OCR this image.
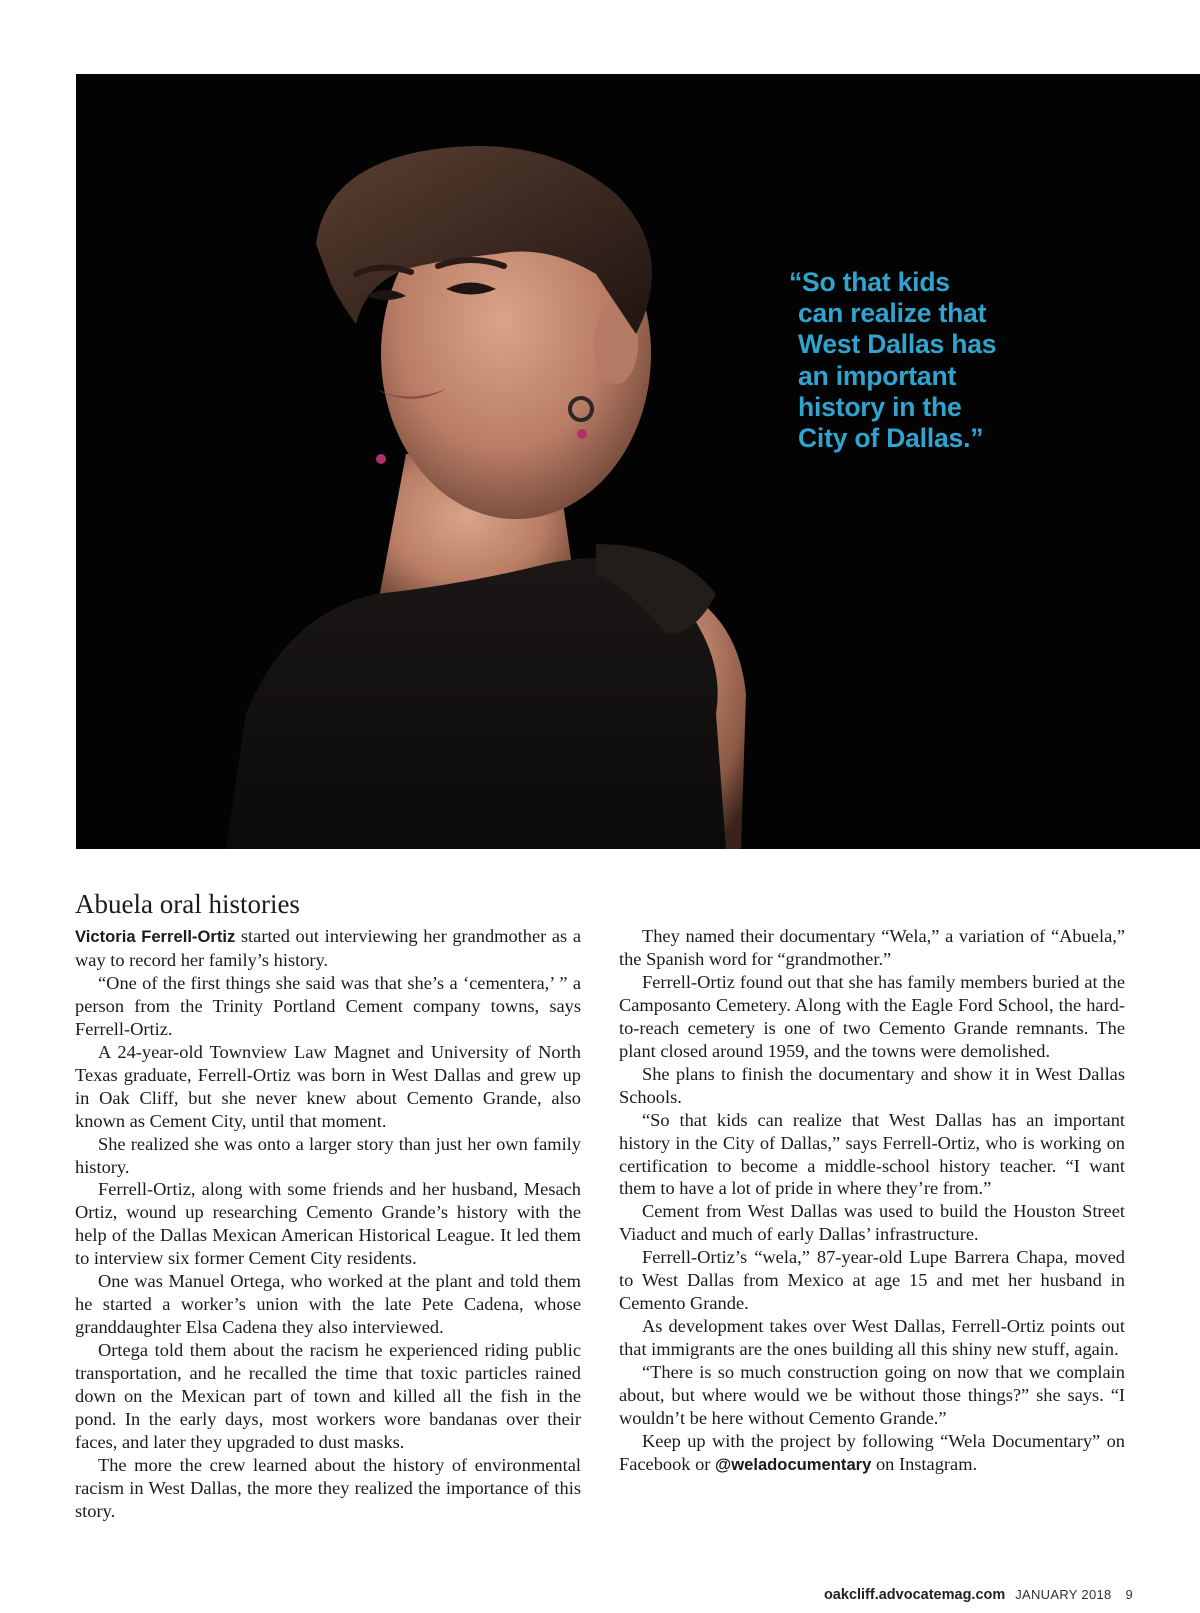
“So that kids
can realize that
West Dallas has
an important
history in the
City of Dallas.”
Abuela oral histories

Victoria Ferrell-Ortiz started out interviewing her grandmother as a way to record her family’s history.

“One of the first things she said was that she’s a ‘cementera,’ ” a person from the Trinity Portland Cement company towns, says Ferrell-Ortiz.

A 24-year-old Townview Law Magnet and University of North Texas graduate, Ferrell-Ortiz was born in West Dallas and grew up in Oak Cliff, but she never knew about Cemento Grande, also known as Cement City, until that moment.

She realized she was onto a larger story than just her own family history.

Ferrell-Ortiz, along with some friends and her husband, Mesach Ortiz, wound up researching Cemento Grande’s history with the help of the Dallas Mexican American Historical League. It led them to interview six former Cement City residents.

One was Manuel Ortega, who worked at the plant and told them he started a worker’s union with the late Pete Cadena, whose granddaughter Elsa Cadena they also interviewed.

Ortega told them about the racism he experienced riding public transportation, and he recalled the time that toxic particles rained down on the Mexican part of town and killed all the fish in the pond. In the early days, most workers wore bandanas over their faces, and later they upgraded to dust masks.

The more the crew learned about the history of environmental racism in West Dallas, the more they realized the importance of this story.

They named their documentary “Wela,” a variation of “Abuela,” the Spanish word for “grandmother.”

Ferrell-Ortiz found out that she has family members buried at the Camposanto Cemetery. Along with the Eagle Ford School, the hard-to-reach cemetery is one of two Cemento Grande remnants. The plant closed around 1959, and the towns were demolished.

She plans to finish the documentary and show it in West Dallas Schools.

“So that kids can realize that West Dallas has an important history in the City of Dallas,” says Ferrell-Ortiz, who is working on certification to become a middle-school history teacher. “I want them to have a lot of pride in where they’re from.”

Cement from West Dallas was used to build the Houston Street Viaduct and much of early Dallas’ infrastructure.

Ferrell-Ortiz’s “wela,” 87-year-old Lupe Barrera Chapa, moved to West Dallas from Mexico at age 15 and met her husband in Cemento Grande.

As development takes over West Dallas, Ferrell-Ortiz points out that immigrants are the ones building all this shiny new stuff, again.

“There is so much construction going on now that we complain about, but where would we be without those things?” she says. “I wouldn’t be here without Cemento Grande.”

Keep up with the project by following “Wela Documentary” on Facebook or @weladocumentary on Instagram.

oakcliff.advocatemag.com JANUARY 2018 9
